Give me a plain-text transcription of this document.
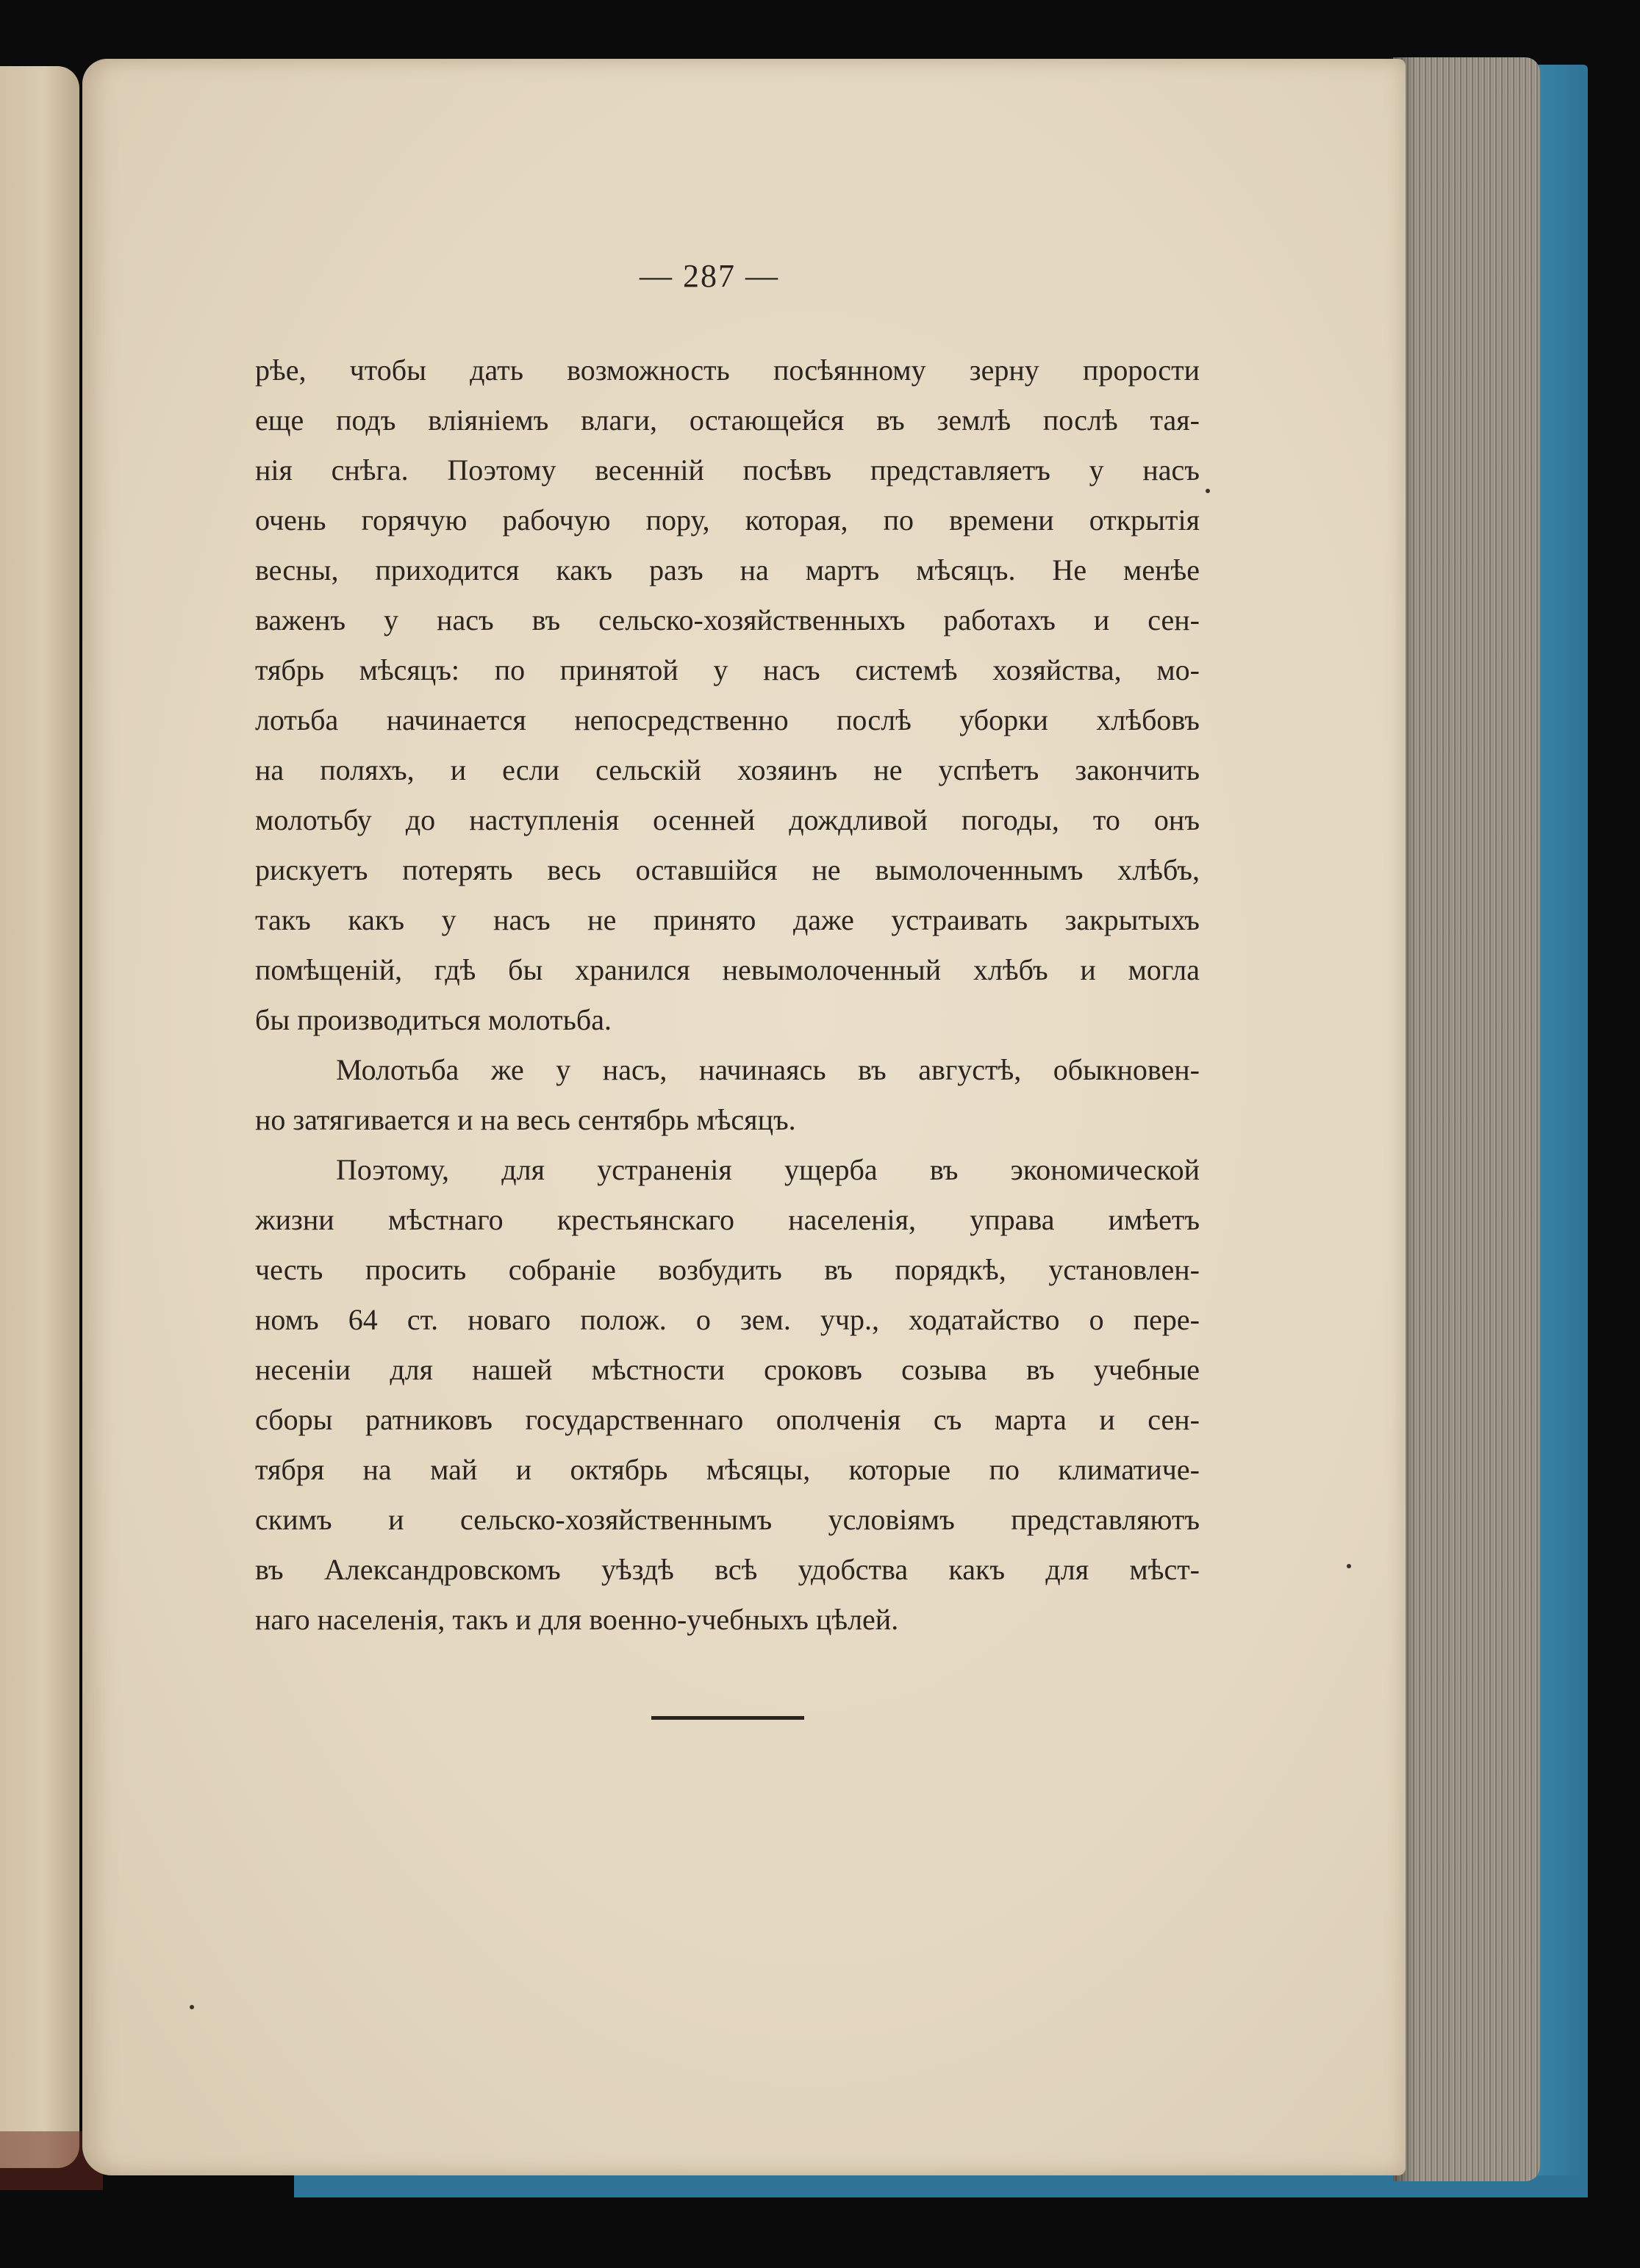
— 287 —
рѣе, чтобы дать возможность посѣянному зерну прорости
еще подъ вліяніемъ влаги, остающейся въ землѣ послѣ тая-
нія снѣга. Поэтому весенній посѣвъ представляетъ у насъ
очень горячую рабочую пору, которая, по времени открытія
весны, приходится какъ разъ на мартъ мѣсяцъ. Не менѣе
важенъ у насъ въ сельско-хозяйственныхъ работахъ и сен-
тябрь мѣсяцъ: по принятой у насъ системѣ хозяйства, мо-
лотьба начинается непосредственно послѣ уборки хлѣбовъ
на поляхъ, и если сельскій хозяинъ не успѣетъ закончить
молотьбу до наступленія осенней дождливой погоды, то онъ
рискуетъ потерять весь оставшійся не вымолоченнымъ хлѣбъ,
такъ какъ у насъ не принято даже устраивать закрытыхъ
помѣщеній, гдѣ бы хранился невымолоченный хлѣбъ и могла
бы производиться молотьба.
Молотьба же у насъ, начинаясь въ августѣ, обыкновен-
но затягивается и на весь сентябрь мѣсяцъ.
Поэтому, для устраненія ущерба въ экономической
жизни мѣстнаго крестьянскаго населенія, управа имѣетъ
честь просить собраніе возбудить въ порядкѣ, установлен-
номъ 64 ст. новаго полож. о зем. учр., ходатайство о пере-
несеніи для нашей мѣстности сроковъ созыва въ учебные
сборы ратниковъ государственнаго ополченія съ марта и сен-
тября на май и октябрь мѣсяцы, которые по климатиче-
скимъ и сельско-хозяйственнымъ условіямъ представляютъ
въ Александровскомъ уѣздѣ всѣ удобства какъ для мѣст-
наго населенія, такъ и для военно-учебныхъ цѣлей.
